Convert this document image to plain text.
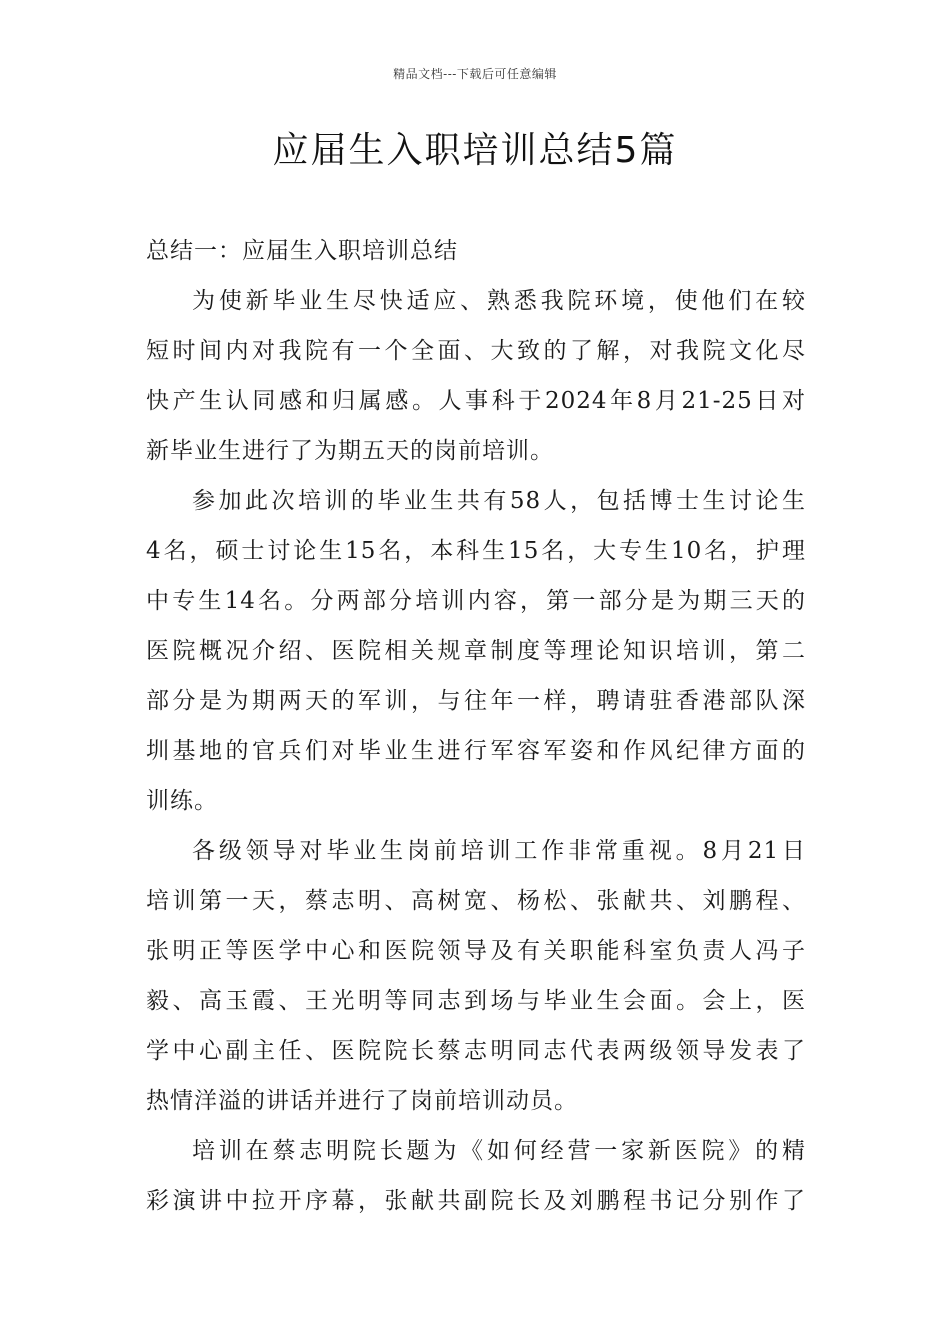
精品文档---下载后可任意编辑
应届生入职培训总结5篇
总结一：应届生入职培训总结
为使新毕业生尽快适应、熟悉我院环境，使他们在较
短时间内对我院有一个全面、大致的了解，对我院文化尽
快产生认同感和归属感。人事科于2024年8月21-25日对
新毕业生进行了为期五天的岗前培训。
参加此次培训的毕业生共有58人，包括博士生讨论生
4名，硕士讨论生15名，本科生15名，大专生10名，护理
中专生14名。分两部分培训内容，第一部分是为期三天的
医院概况介绍、医院相关规章制度等理论知识培训，第二
部分是为期两天的军训，与往年一样，聘请驻香港部队深
圳基地的官兵们对毕业生进行军容军姿和作风纪律方面的
训练。
各级领导对毕业生岗前培训工作非常重视。8月21日
培训第一天，蔡志明、高树宽、杨松、张献共、刘鹏程、
张明正等医学中心和医院领导及有关职能科室负责人冯子
毅、高玉霞、王光明等同志到场与毕业生会面。会上，医
学中心副主任、医院院长蔡志明同志代表两级领导发表了
热情洋溢的讲话并进行了岗前培训动员。
培训在蔡志明院长题为《如何经营一家新医院》的精
彩演讲中拉开序幕，张献共副院长及刘鹏程书记分别作了
